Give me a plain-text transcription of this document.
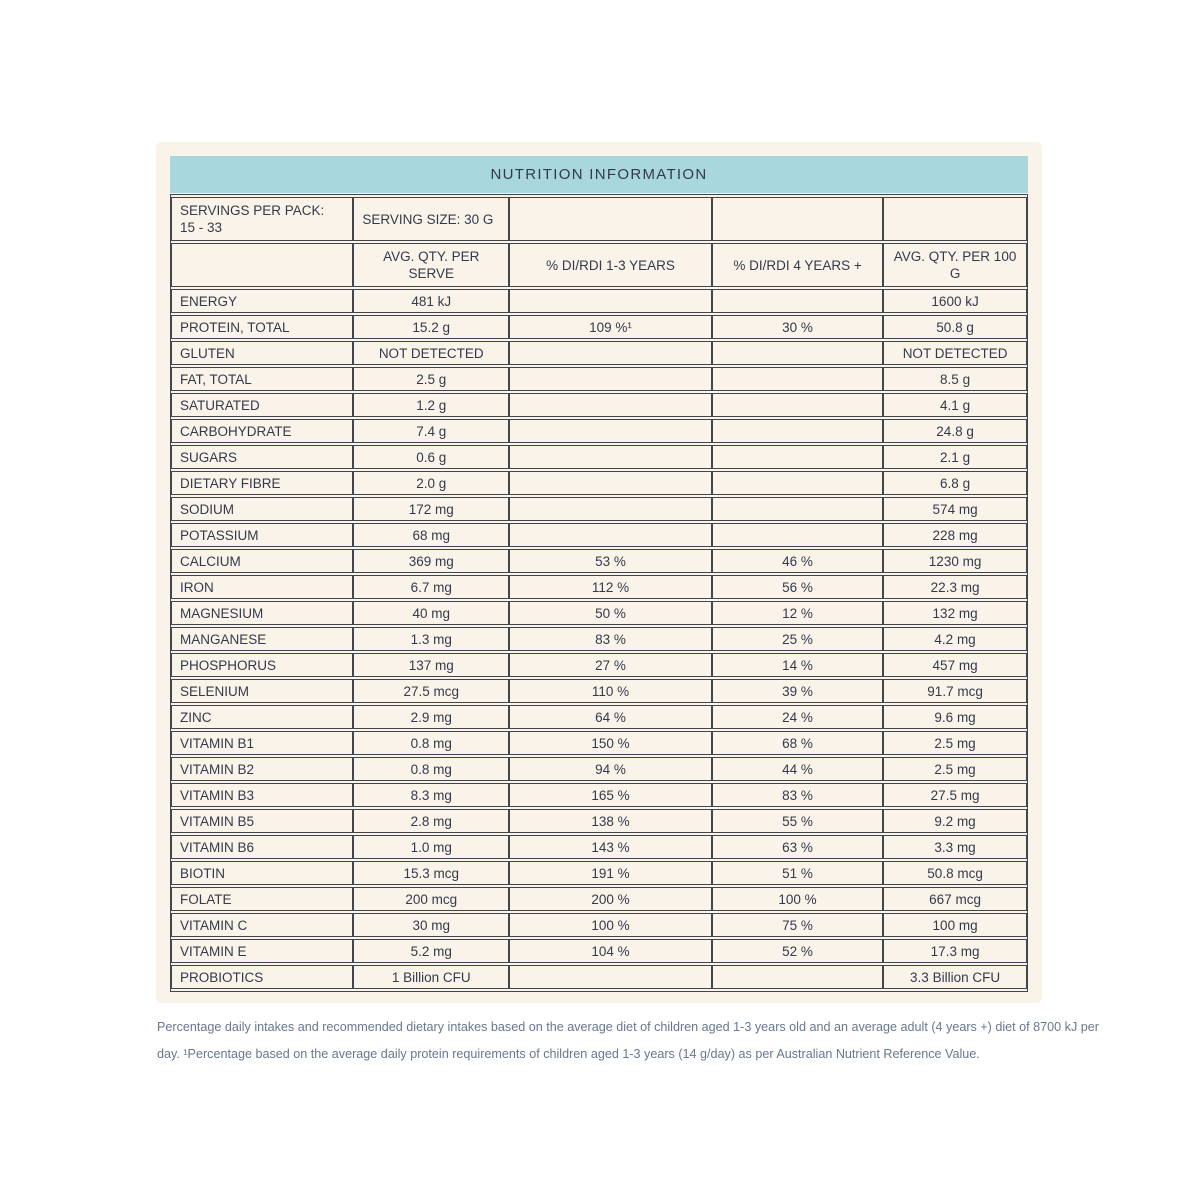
NUTRITION INFORMATION
SERVINGS PER PACK:
15 - 33	SERVING SIZE: 30 G			
	AVG. QTY. PER SERVE	% DI/RDI 1-3 YEARS	% DI/RDI 4 YEARS +	AVG. QTY. PER 100 G
ENERGY	481 kJ			1600 kJ
PROTEIN, TOTAL	15.2 g	109 %¹	30 %	50.8 g
GLUTEN	NOT DETECTED			NOT DETECTED
FAT, TOTAL	2.5 g			8.5 g
SATURATED	1.2 g			4.1 g
CARBOHYDRATE	7.4 g			24.8 g
SUGARS	0.6 g			2.1 g
DIETARY FIBRE	2.0 g			6.8 g
SODIUM	172 mg			574 mg
POTASSIUM	68 mg			228 mg
CALCIUM	369 mg	53 %	46 %	1230 mg
IRON	6.7 mg	112 %	56 %	22.3 mg
MAGNESIUM	40 mg	50 %	12 %	132 mg
MANGANESE	1.3 mg	83 %	25 %	4.2 mg
PHOSPHORUS	137 mg	27 %	14 %	457 mg
SELENIUM	27.5 mcg	110 %	39 %	91.7 mcg
ZINC	2.9 mg	64 %	24 %	9.6 mg
VITAMIN B1	0.8 mg	150 %	68 %	2.5 mg
VITAMIN B2	0.8 mg	94 %	44 %	2.5 mg
VITAMIN B3	8.3 mg	165 %	83 %	27.5 mg
VITAMIN B5	2.8 mg	138 %	55 %	9.2 mg
VITAMIN B6	1.0 mg	143 %	63 %	3.3 mg
BIOTIN	15.3 mcg	191 %	51 %	50.8 mcg
FOLATE	200 mcg	200 %	100 %	667 mcg
VITAMIN C	30 mg	100 %	75 %	100 mg
VITAMIN E	5.2 mg	104 %	52 %	17.3 mg
PROBIOTICS	1 Billion CFU			3.3 Billion CFU
Percentage daily intakes and recommended dietary intakes based on the average diet of children aged 1-3 years old and an average adult (4 years +) diet of 8700 kJ per
day. ¹Percentage based on the average daily protein requirements of children aged 1-3 years (14 g/day) as per Australian Nutrient Reference Value.
